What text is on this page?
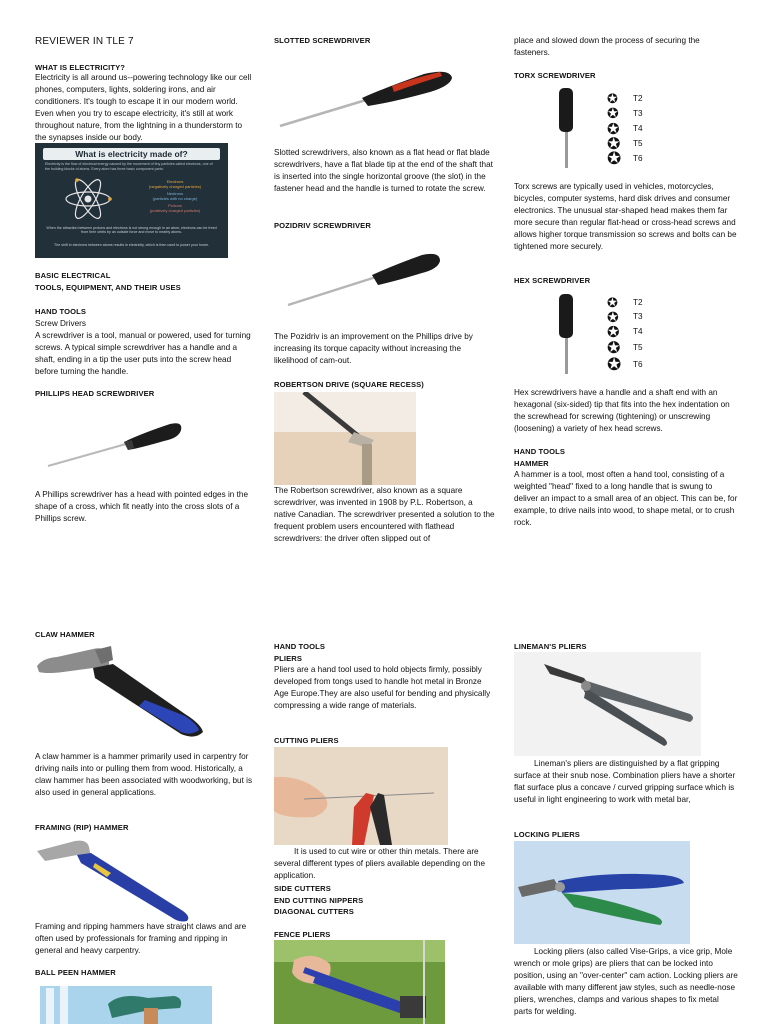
REVIEWER IN TLE 7
WHAT IS ELECTRICITY?

Electricity is all around us--powering technology like our cell phones, computers, lights, soldering irons, and air conditioners. It's tough to escape it in our modern world. Even when you try to escape electricity, it's still at work throughout nature, from the lightning in a thunderstorm to the synapses inside our body.

What is electricity made of?
Electricity is the flow of electrical energy caused by the movement of tiny particles called electrons, one of the building blocks of atoms. Every atom has three basic component parts:
Electrons
(negatively charged particles)
Neutrons
(particles with no charge)
Protons
(positively charged particles)
When the attraction between protons and electrons is not strong enough in an atom, electrons can be freed from their orbits by an outside force and move to nearby atoms.
The shift in electrons between atoms results in electricity, which is then used to power your home.
BASIC ELECTRICAL
TOOLS, EQUIPMENT, AND THEIR USES
HAND TOOLS
Screw Drivers

A screwdriver is a tool, manual or powered, used for turning screws. A typical simple screwdriver has a handle and a shaft, ending in a tip the user puts into the screw head before turning the handle.

PHILLIPS HEAD SCREWDRIVER

A Phillips screwdriver has a head with pointed edges in the shape of a cross, which fit neatly into the cross slots of a Phillips screw.

CLAW HAMMER

A claw hammer is a hammer primarily used in carpentry for driving nails into or pulling them from wood. Historically, a claw hammer has been associated with woodworking, but is also used in general applications.

FRAMING (RIP) HAMMER

Framing and ripping hammers have straight claws and are often used by professionals for framing and ripping in general and heavy carpentry.

BALL PEEN HAMMER
SLOTTED SCREWDRIVER

Slotted screwdrivers, also known as a flat head or flat blade screwdrivers, have a flat blade tip at the end of the shaft that is inserted into the single horizontal groove (the slot) in the fastener head and the handle is turned to rotate the screw.

POZIDRIV SCREWDRIVER

The Pozidriv is an improvement on the Phillips drive by increasing its torque capacity without increasing the likelihood of cam-out.

ROBERTSON DRIVE (SQUARE RECESS)

The Robertson screwdriver, also known as a square screwdriver, was invented in 1908 by P.L. Robertson, a native Canadian. The screwdriver presented a solution to the frequent problem users encountered with flathead screwdrivers: the driver often slipped out of

HAND TOOLS
PLIERS

Pliers are a hand tool used to hold objects firmly, possibly developed from tongs used to handle hot metal in Bronze Age Europe.They are also useful for bending and physically compressing a wide range of materials.

CUTTING PLIERS

It is used to cut wire or other thin metals. There are several different types of pliers available depending on the application.

SIDE CUTTERS
END CUTTING NIPPERS
DIAGONAL CUTTERS
FENCE PLIERS

place and slowed down the process of securing the fasteners.

TORX SCREWDRIVER
✪	T2
✪	T3
✪	T4
✪	T5
✪	T6

Torx screws are typically used in vehicles, motorcycles, bicycles, computer systems, hard disk drives and consumer electronics. The unusual star-shaped head makes them far more secure than regular flat-head or cross-head screws and allows higher torque transmission so screws and bolts can be tightened more securely.

HEX SCREWDRIVER
✪	T2
✪	T3
✪	T4
✪	T5
✪	T6

Hex screwdrivers have a handle and a shaft end with an hexagonal (six-sided) tip that fits into the hex indentation on the screwhead for screwing (tightening) or unscrewing (loosening) a variety of hex head screws.

HAND TOOLS
HAMMER

A hammer is a tool, most often a hand tool, consisting of a weighted "head" fixed to a long handle that is swung to deliver an impact to a small area of an object. This can be, for example, to drive nails into wood, to shape metal, or to crush rock.

LINEMAN'S PLIERS

Lineman's pliers are distinguished by a flat gripping surface at their snub nose. Combination pliers have a shorter flat surface plus a concave / curved gripping surface which is useful in light engineering to work with metal bar,

LOCKING PLIERS

Locking pliers (also called Vise-Grips, a vice grip, Mole wrench or mole grips) are pliers that can be locked into position, using an "over-center" cam action. Locking pliers are available with many different jaw styles, such as needle-nose pliers, wrenches, clamps and various shapes to fix metal parts for welding.
